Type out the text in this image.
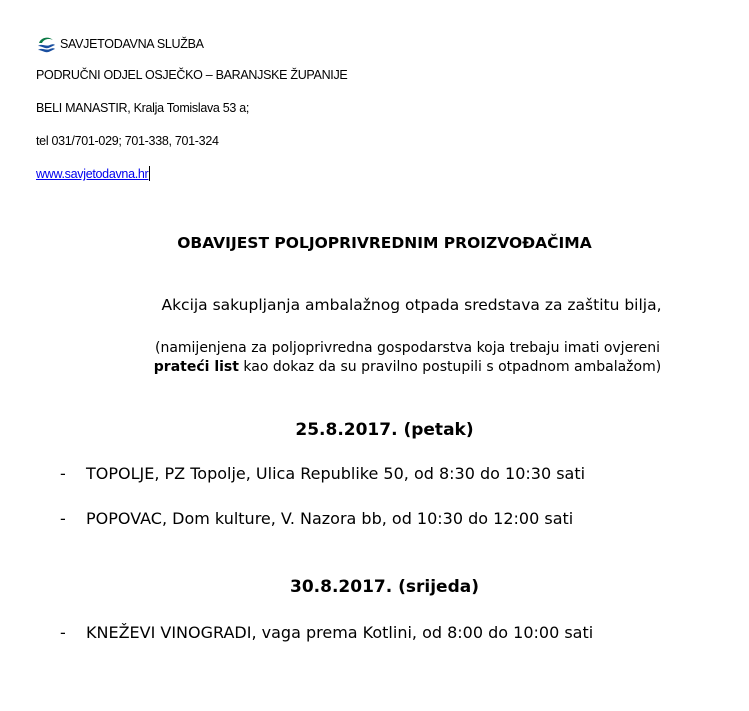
SAVJETODAVNA SLUŽBA
PODRUČNI ODJEL OSJEČKO – BARANJSKE ŽUPANIJE
BELI MANASTIR, Kralja Tomislava 53 a;
tel 031/701-029; 701-338, 701-324
www.savjetodavna.hr
OBAVIJEST POLJOPRIVREDNIM PROIZVOĐAČIMA
Akcija sakupljanja ambalažnog otpada sredstava za zaštitu bilja,
(namijenjena za poljoprivredna gospodarstva koja trebaju imati ovjereni
prateći list kao dokaz da su pravilno postupili s otpadnom ambalažom)
25.8.2017. (petak)
- TOPOLJE, PZ Topolje, Ulica Republike 50, od 8:30 do 10:30 sati
- POPOVAC, Dom kulture, V. Nazora bb, od 10:30 do 12:00 sati
30.8.2017. (srijeda)
- KNEŽEVI VINOGRADI, vaga prema Kotlini, od 8:00 do 10:00 sati
